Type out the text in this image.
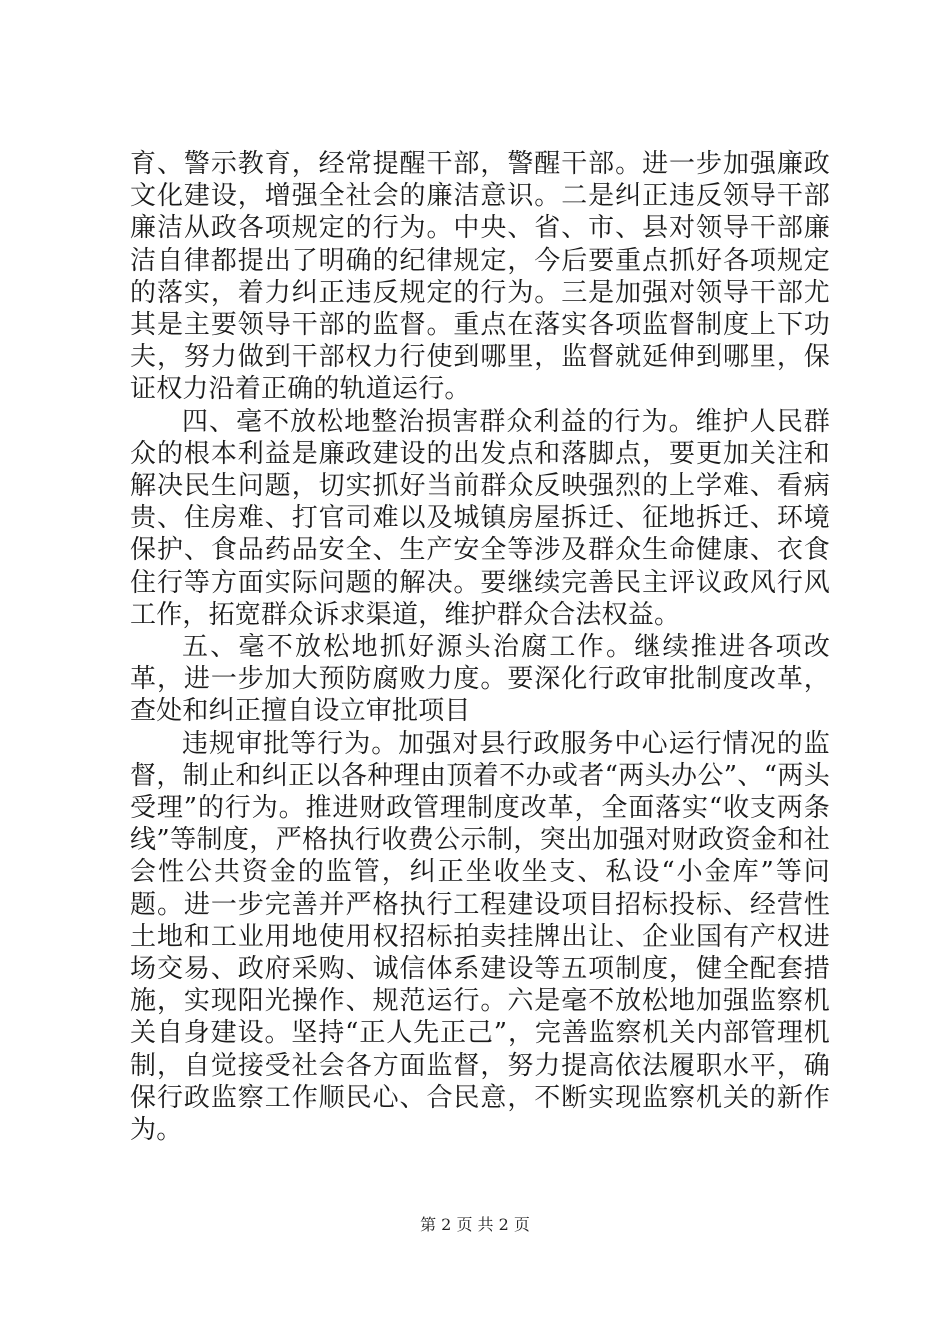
育、警示教育，经常提醒干部，警醒干部。进一步加强廉政文化建设，增强全社会的廉洁意识。二是纠正违反领导干部廉洁从政各项规定的行为。中央、省、市、县对领导干部廉洁自律都提出了明确的纪律规定，今后要重点抓好各项规定的落实，着力纠正违反规定的行为。三是加强对领导干部尤其是主要领导干部的监督。重点在落实各项监督制度上下功夫，努力做到干部权力行使到哪里，监督就延伸到哪里，保证权力沿着正确的轨道运行。

四、毫不放松地整治损害群众利益的行为。维护人民群众的根本利益是廉政建设的出发点和落脚点，要更加关注和解决民生问题，切实抓好当前群众反映强烈的上学难、看病贵、住房难、打官司难以及城镇房屋拆迁、征地拆迁、环境保护、食品药品安全、生产安全等涉及群众生命健康、衣食住行等方面实际问题的解决。要继续完善民主评议政风行风工作，拓宽群众诉求渠道，维护群众合法权益。

五、毫不放松地抓好源头治腐工作。继续推进各项改革，进一步加大预防腐败力度。要深化行政审批制度改革，查处和纠正擅自设立审批项目

违规审批等行为。加强对县行政服务中心运行情况的监督，制止和纠正以各种理由顶着不办或者“两头办公”、“两头受理”的行为。推进财政管理制度改革，全面落实“收支两条线”等制度，严格执行收费公示制，突出加强对财政资金和社会性公共资金的监管，纠正坐收坐支、私设“小金库”等问题。进一步完善并严格执行工程建设项目招标投标、经营性土地和工业用地使用权招标拍卖挂牌出让、企业国有产权进场交易、政府采购、诚信体系建设等五项制度，健全配套措施，实现阳光操作、规范运行。六是毫不放松地加强监察机关自身建设。坚持“正人先正己”，完善监察机关内部管理机制，自觉接受社会各方面监督，努力提高依法履职水平，确保行政监察工作顺民心、合民意，不断实现监察机关的新作为。

第 2 页 共 2 页
